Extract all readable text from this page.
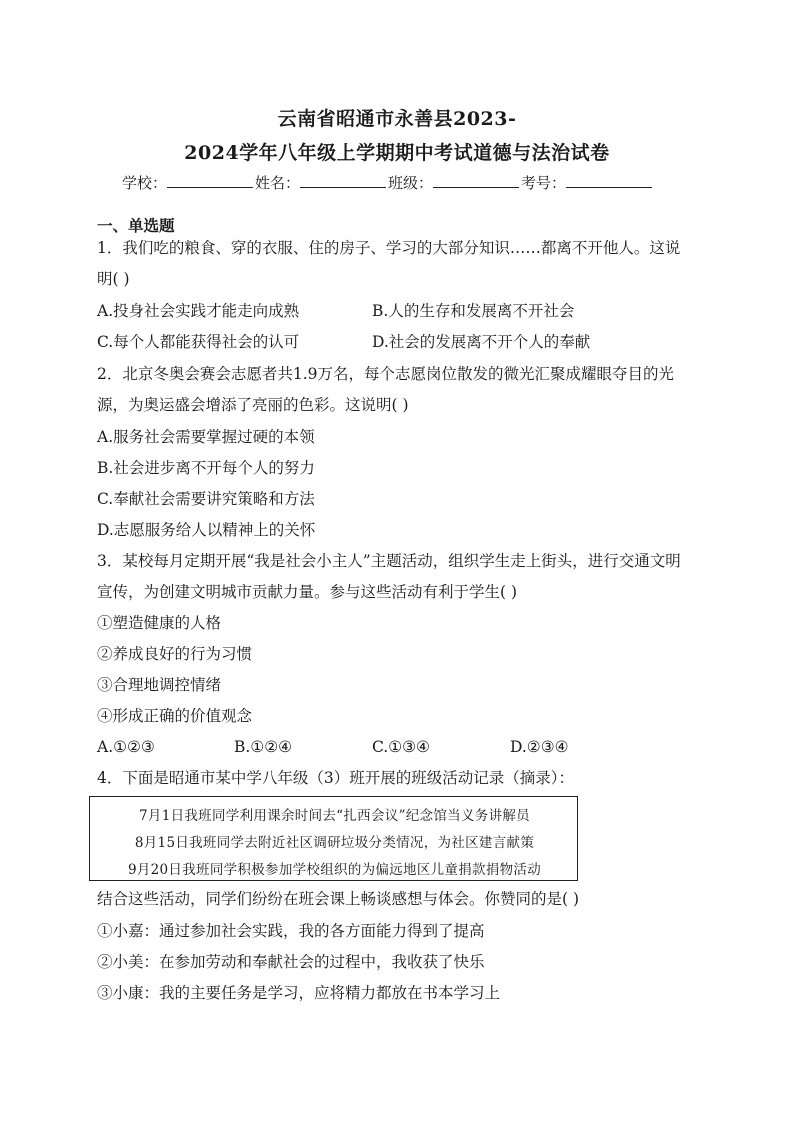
云南省昭通市永善县2023-
2024学年八年级上学期期中考试道德与法治试卷
学校：	姓名：	班级：	考号：
一、单选题
1．我们吃的粮食、穿的衣服、住的房子、学习的大部分知识……都离不开他人。这说
明( )
A.投身社会实践才能走向成熟	B.人的生存和发展离不开社会
C.每个人都能获得社会的认可	D.社会的发展离不开个人的奉献
2．北京冬奥会赛会志愿者共1.9万名，每个志愿岗位散发的微光汇聚成耀眼夺目的光
源，为奥运盛会增添了亮丽的色彩。这说明( )
A.服务社会需要掌握过硬的本领
B.社会进步离不开每个人的努力
C.奉献社会需要讲究策略和方法
D.志愿服务给人以精神上的关怀
3．某校每月定期开展“我是社会小主人”主题活动，组织学生走上街头，进行交通文明
宣传，为创建文明城市贡献力量。参与这些活动有利于学生( )
①塑造健康的人格
②养成良好的行为习惯
③合理地调控情绪
④形成正确的价值观念
A.①②③	B.①②④	C.①③④	D.②③④
4．下面是昭通市某中学八年级（3）班开展的班级活动记录（摘录）：
7月1日我班同学利用课余时间去“扎西会议”纪念馆当义务讲解员
8月15日我班同学去附近社区调研垃圾分类情况，为社区建言献策
9月20日我班同学积极参加学校组织的为偏远地区儿童捐款捐物活动
结合这些活动，同学们纷纷在班会课上畅谈感想与体会。你赞同的是( )
①小嘉：通过参加社会实践，我的各方面能力得到了提高
②小美：在参加劳动和奉献社会的过程中，我收获了快乐
③小康：我的主要任务是学习，应将精力都放在书本学习上
